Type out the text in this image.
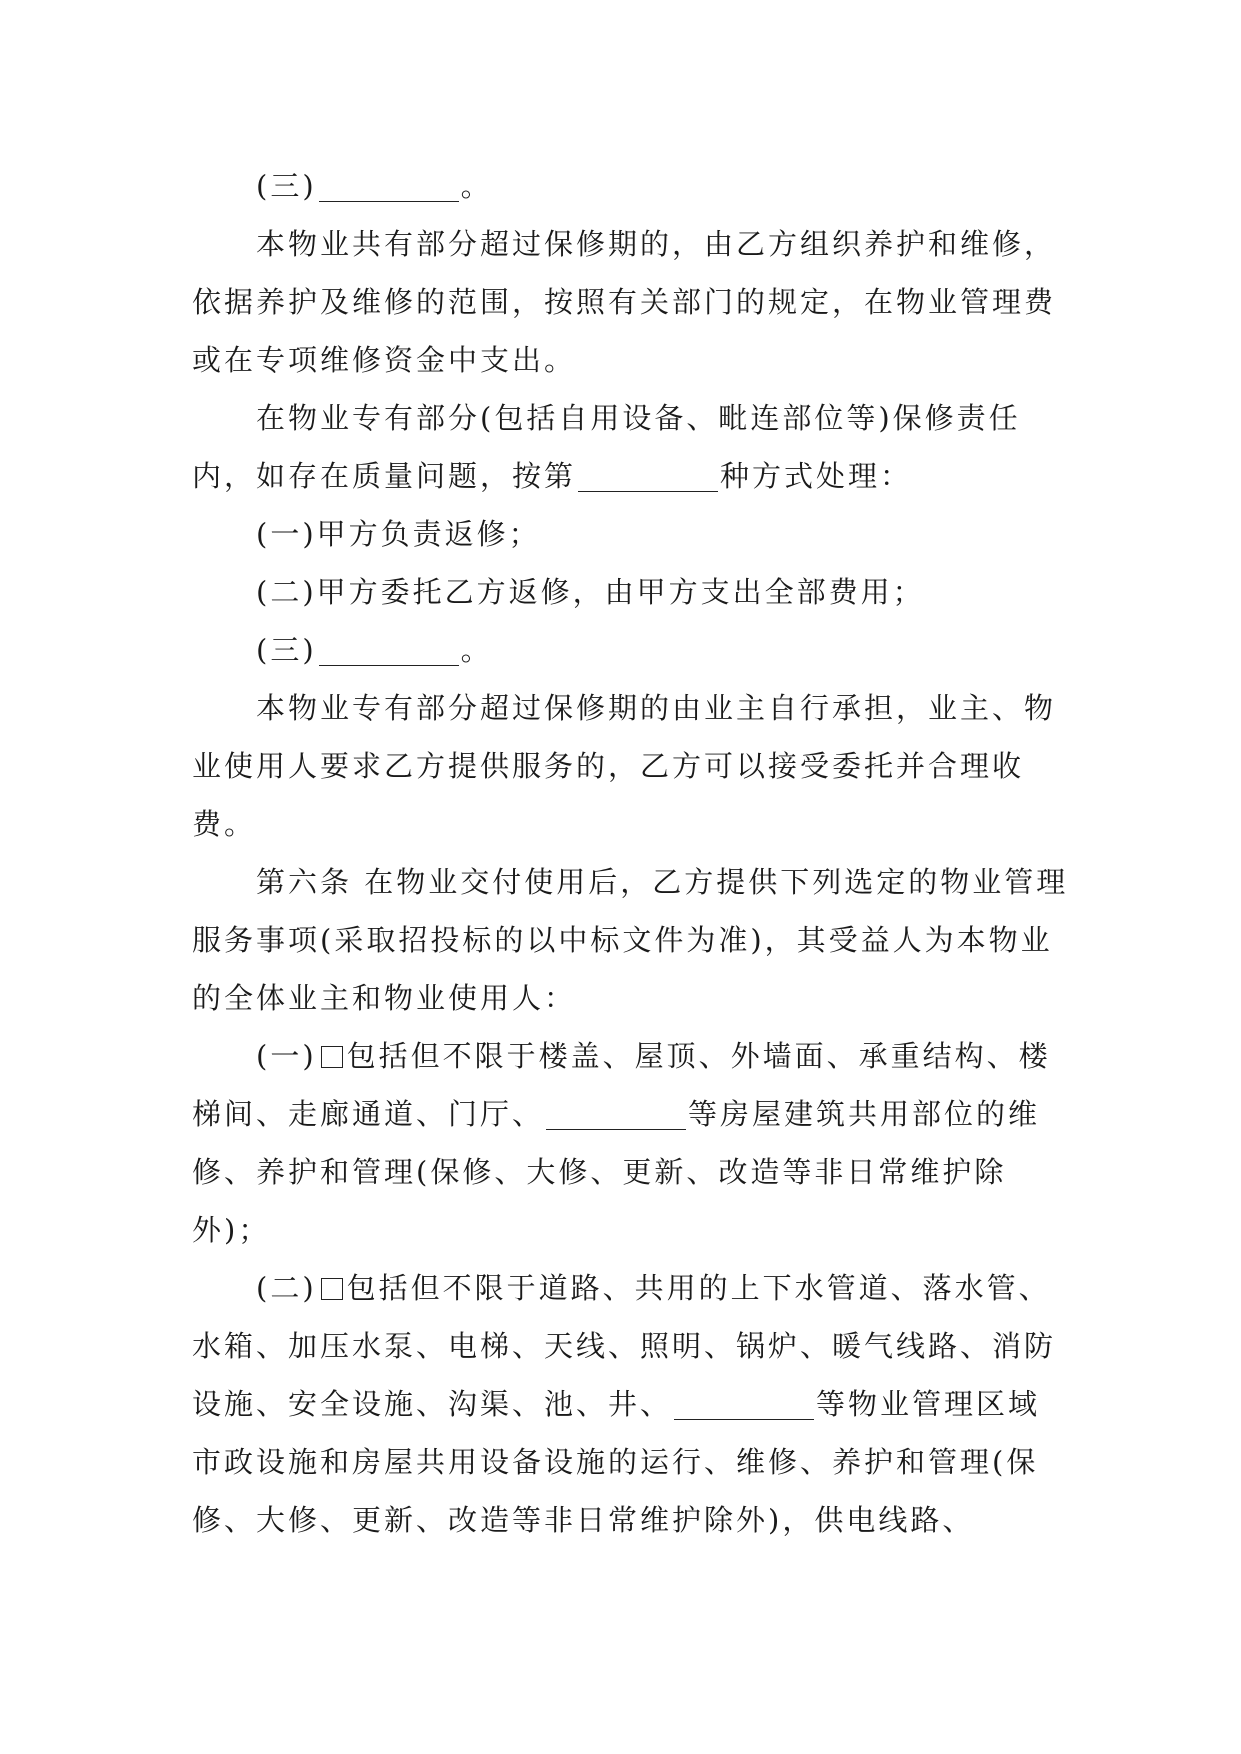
(三)	。

本物业共有部分超过保修期的，由乙方组织养护和维修，依据养护及维修的范围，按照有关部门的规定，在物业管理费或在专项维修资金中支出。

在物业专有部分(包括自用设备、毗连部位等)保修责任内，如存在质量问题，按第	种方式处理：

(一)甲方负责返修；

(二)甲方委托乙方返修，由甲方支出全部费用；

(三)	。

本物业专有部分超过保修期的由业主自行承担，业主、物业使用人要求乙方提供服务的，乙方可以接受委托并合理收费。

第六条 在物业交付使用后，乙方提供下列选定的物业管理服务事项(采取招投标的以中标文件为准)，其受益人为本物业的全体业主和物业使用人：

(一) 包括但不限于楼盖、屋顶、外墙面、承重结构、楼梯间、走廊通道、门厅、	等房屋建筑共用部位的维修、养护和管理(保修、大修、更新、改造等非日常维护除外)；

(二) 包括但不限于道路、共用的上下水管道、落水管、水箱、加压水泵、电梯、天线、照明、锅炉、暖气线路、消防设施、安全设施、沟渠、池、井、	等物业管理区域市政设施和房屋共用设备设施的运行、维修、养护和管理(保修、大修、更新、改造等非日常维护除外)，供电线路、
